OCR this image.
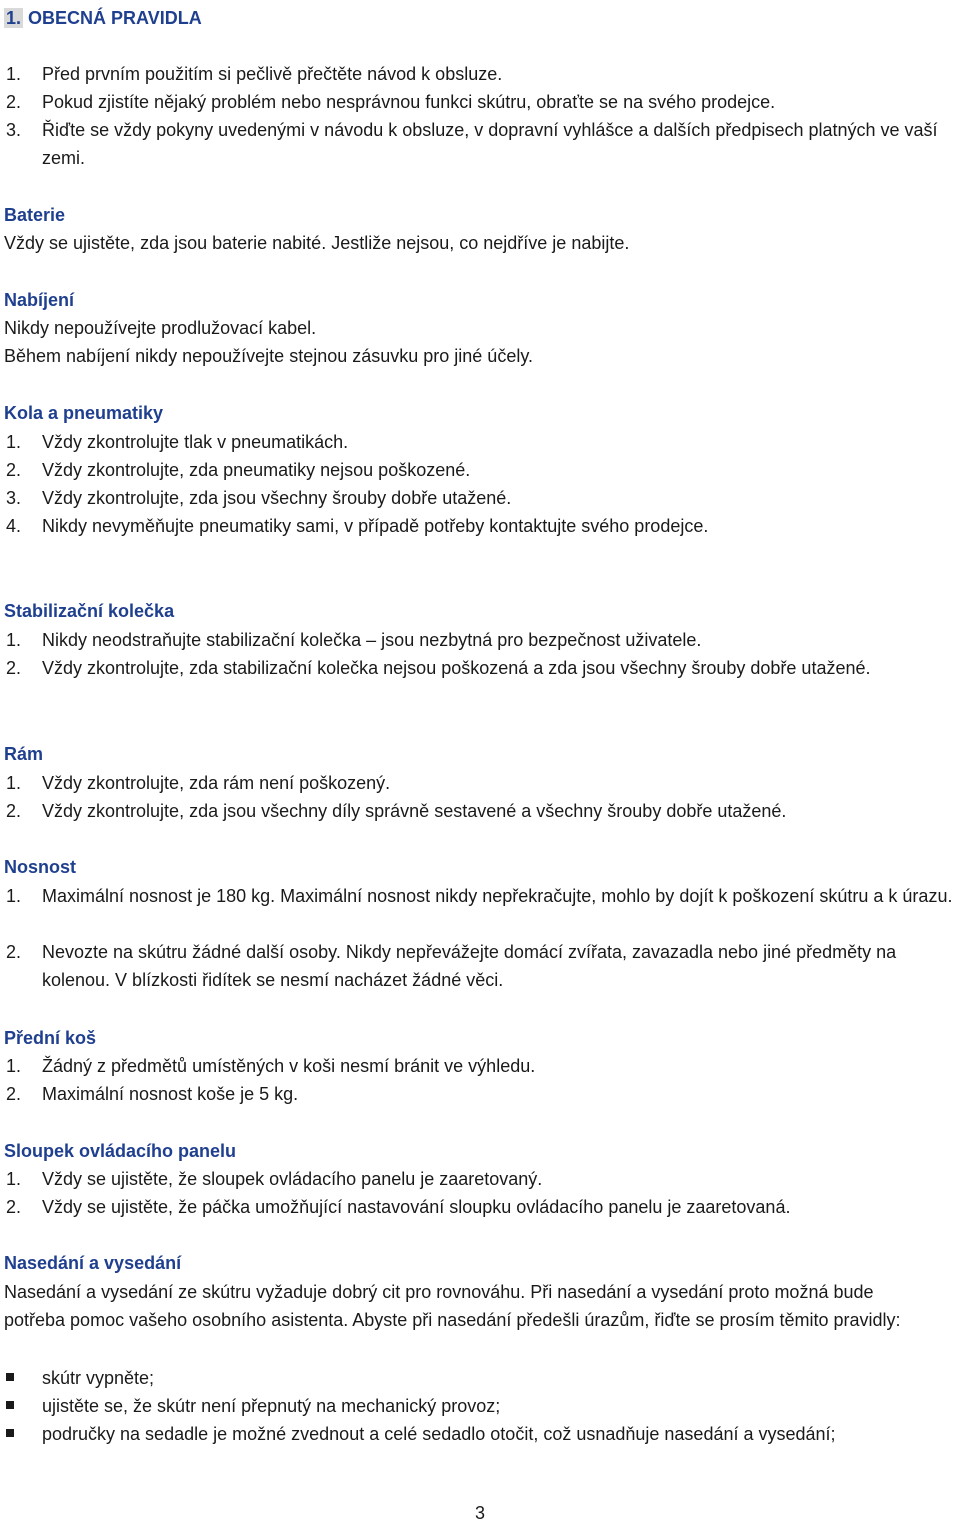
1. OBECNÁ PRAVIDLA
1.	Před prvním použitím si pečlivě přečtěte návod k obsluze.
2.	Pokud zjistíte nějaký problém nebo nesprávnou funkci skútru, obraťte se na svého prodejce.
3.	Řiďte se vždy pokyny uvedenými v návodu k obsluze, v dopravní vyhlášce a dalších předpisech platných ve vaší zemi.
Baterie
Vždy se ujistěte, zda jsou baterie nabité. Jestliže nejsou, co nejdříve je nabijte.
Nabíjení
Nikdy nepoužívejte prodlužovací kabel.
Během nabíjení nikdy nepoužívejte stejnou zásuvku pro jiné účely.
Kola a pneumatiky
1.	Vždy zkontrolujte tlak v pneumatikách.
2.	Vždy zkontrolujte, zda pneumatiky nejsou poškozené.
3.	Vždy zkontrolujte, zda jsou všechny šrouby dobře utažené.
4.	Nikdy nevyměňujte pneumatiky sami, v případě potřeby kontaktujte svého prodejce.
Stabilizační kolečka
1.	Nikdy neodstraňujte stabilizační kolečka – jsou nezbytná pro bezpečnost uživatele.
2.	Vždy zkontrolujte, zda stabilizační kolečka nejsou poškozená a zda jsou všechny šrouby dobře utažené.
Rám
1.	Vždy zkontrolujte, zda rám není poškozený.
2.	Vždy zkontrolujte, zda jsou všechny díly správně sestavené a všechny šrouby dobře utažené.
Nosnost
1.	Maximální nosnost je 180 kg. Maximální nosnost nikdy nepřekračujte, mohlo by dojít k poškození skútru a k úrazu.
2.	Nevozte na skútru žádné další osoby. Nikdy nepřevážejte domácí zvířata, zavazadla nebo jiné předměty na kolenou. V blízkosti řidítek se nesmí nacházet žádné věci.
Přední koš
1.	Žádný z předmětů umístěných v koši nesmí bránit ve výhledu.
2.	Maximální nosnost koše je 5 kg.
Sloupek ovládacího panelu
1.	Vždy se ujistěte, že sloupek ovládacího panelu je zaaretovaný.
2.	Vždy se ujistěte, že páčka umožňující nastavování sloupku ovládacího panelu je zaaretovaná.
Nasedání a vysedání
Nasedání a vysedání ze skútru vyžaduje dobrý cit pro rovnováhu. Při nasedání a vysedání proto možná bude potřeba pomoc vašeho osobního asistenta. Abyste při nasedání předešli úrazům, řiďte se prosím těmito pravidly:
skútr vypněte;
ujistěte se, že skútr není přepnutý na mechanický provoz;
područky na sedadle je možné zvednout a celé sedadlo otočit, což usnadňuje nasedání a vysedání;
3
